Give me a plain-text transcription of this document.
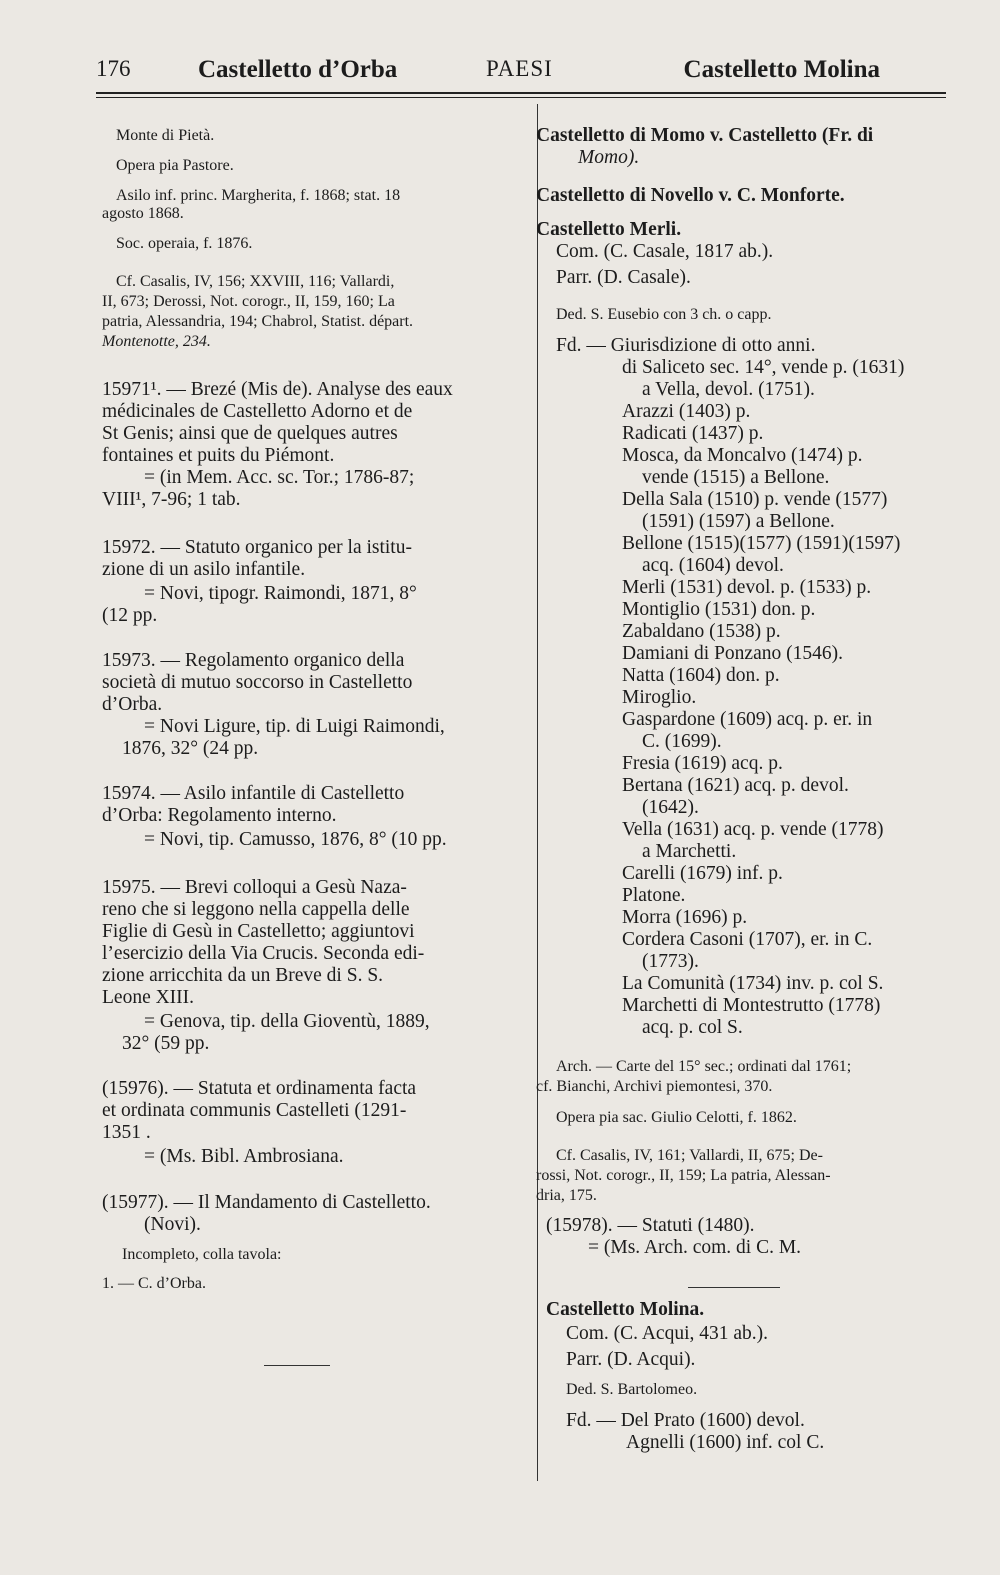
176	Castelletto d’Orba	PAESI	Castelletto Molina
Monte di Pietà.
Opera pia Pastore.
Asilo inf. princ. Margherita, f. 1868; stat. 18
agosto 1868.
Soc. operaia, f. 1876.
Cf. Casalis, IV, 156; XXVIII, 116; Vallardi,
II, 673; Derossi, Not. corogr., II, 159, 160; La
patria, Alessandria, 194; Chabrol, Statist. départ.
Montenotte, 234.
15971¹. — Brezé (Mis de). Analyse des eaux
médicinales de Castelletto Adorno et de
St Genis; ainsi que de quelques autres
fontaines et puits du Piémont.
= (in Mem. Acc. sc. Tor.; 1786-87;
VIII¹, 7-96; 1 tab.
15972. — Statuto organico per la istitu-
zione di un asilo infantile.
= Novi, tipogr. Raimondi, 1871, 8°
(12 pp.
15973. — Regolamento organico della
società di mutuo soccorso in Castelletto
d’Orba.
= Novi Ligure, tip. di Luigi Raimondi,
1876, 32° (24 pp.
15974. — Asilo infantile di Castelletto
d’Orba: Regolamento interno.
= Novi, tip. Camusso, 1876, 8° (10 pp.
15975. — Brevi colloqui a Gesù Naza-
reno che si leggono nella cappella delle
Figlie di Gesù in Castelletto; aggiuntovi
l’esercizio della Via Crucis. Seconda edi-
zione arricchita da un Breve di S. S.
Leone XIII.
= Genova, tip. della Gioventù, 1889,
32° (59 pp.
(15976). — Statuta et ordinamenta facta
et ordinata communis Castelleti (1291-
1351 .
= (Ms. Bibl. Ambrosiana.
(15977). — Il Mandamento di Castelletto.
(Novi).
Incompleto, colla tavola:
1. — C. d’Orba.
Castelletto di Momo v. Castelletto (Fr. di
Momo).
Castelletto di Novello v. C. Monforte.
Castelletto Merli.
Com. (C. Casale, 1817 ab.).
Parr. (D. Casale).
Ded. S. Eusebio con 3 ch. o capp.
Fd. — Giurisdizione di otto anni.
di Saliceto sec. 14°, vende p. (1631)
a Vella, devol. (1751).
Arazzi (1403) p.
Radicati (1437) p.
Mosca, da Moncalvo (1474) p.
vende (1515) a Bellone.
Della Sala (1510) p. vende (1577)
(1591) (1597) a Bellone.
Bellone (1515)(1577) (1591)(1597)
acq. (1604) devol.
Merli (1531) devol. p. (1533) p.
Montiglio (1531) don. p.
Zabaldano (1538) p.
Damiani di Ponzano (1546).
Natta (1604) don. p.
Miroglio.
Gaspardone (1609) acq. p. er. in
C. (1699).
Fresia (1619) acq. p.
Bertana (1621) acq. p. devol.
(1642).
Vella (1631) acq. p. vende (1778)
a Marchetti.
Carelli (1679) inf. p.
Platone.
Morra (1696) p.
Cordera Casoni (1707), er. in C.
(1773).
La Comunità (1734) inv. p. col S.
Marchetti di Montestrutto (1778)
acq. p. col S.
Arch. — Carte del 15° sec.; ordinati dal 1761;
cf. Bianchi, Archivi piemontesi, 370.
Opera pia sac. Giulio Celotti, f. 1862.
Cf. Casalis, IV, 161; Vallardi, II, 675; De-
rossi, Not. corogr., II, 159; La patria, Alessan-
dria, 175.
(15978). — Statuti (1480).
= (Ms. Arch. com. di C. M.
Castelletto Molina.
Com. (C. Acqui, 431 ab.).
Parr. (D. Acqui).
Ded. S. Bartolomeo.
Fd. — Del Prato (1600) devol.
Agnelli (1600) inf. col C.
